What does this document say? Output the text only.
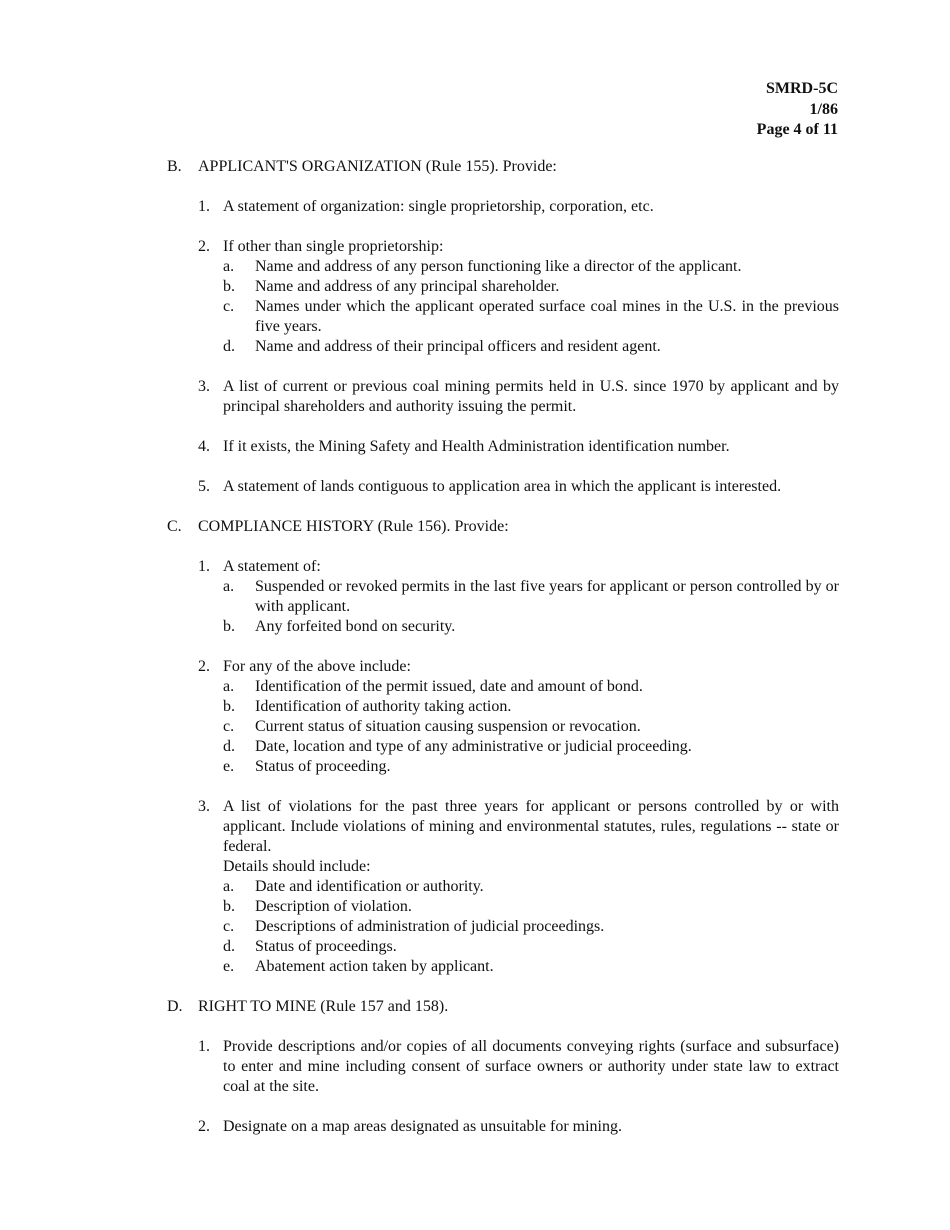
SMRD-5C
1/86
Page 4 of 11
B. APPLICANT'S ORGANIZATION (Rule 155). Provide:
1. A statement of organization: single proprietorship, corporation, etc.
2. If other than single proprietorship:
a. Name and address of any person functioning like a director of the applicant.
b. Name and address of any principal shareholder.
c. Names under which the applicant operated surface coal mines in the U.S. in the previous five years.
d. Name and address of their principal officers and resident agent.
3. A list of current or previous coal mining permits held in U.S. since 1970 by applicant and by principal shareholders and authority issuing the permit.
4. If it exists, the Mining Safety and Health Administration identification number.
5. A statement of lands contiguous to application area in which the applicant is interested.
C. COMPLIANCE HISTORY (Rule 156). Provide:
1. A statement of:
a. Suspended or revoked permits in the last five years for applicant or person controlled by or with applicant.
b. Any forfeited bond on security.
2. For any of the above include:
a. Identification of the permit issued, date and amount of bond.
b. Identification of authority taking action.
c. Current status of situation causing suspension or revocation.
d. Date, location and type of any administrative or judicial proceeding.
e. Status of proceeding.
3. A list of violations for the past three years for applicant or persons controlled by or with applicant. Include violations of mining and environmental statutes, rules, regulations -- state or federal.
Details should include:
a. Date and identification or authority.
b. Description of violation.
c. Descriptions of administration of judicial proceedings.
d. Status of proceedings.
e. Abatement action taken by applicant.
D. RIGHT TO MINE (Rule 157 and 158).
1. Provide descriptions and/or copies of all documents conveying rights (surface and subsurface) to enter and mine including consent of surface owners or authority under state law to extract coal at the site.
2. Designate on a map areas designated as unsuitable for mining.
